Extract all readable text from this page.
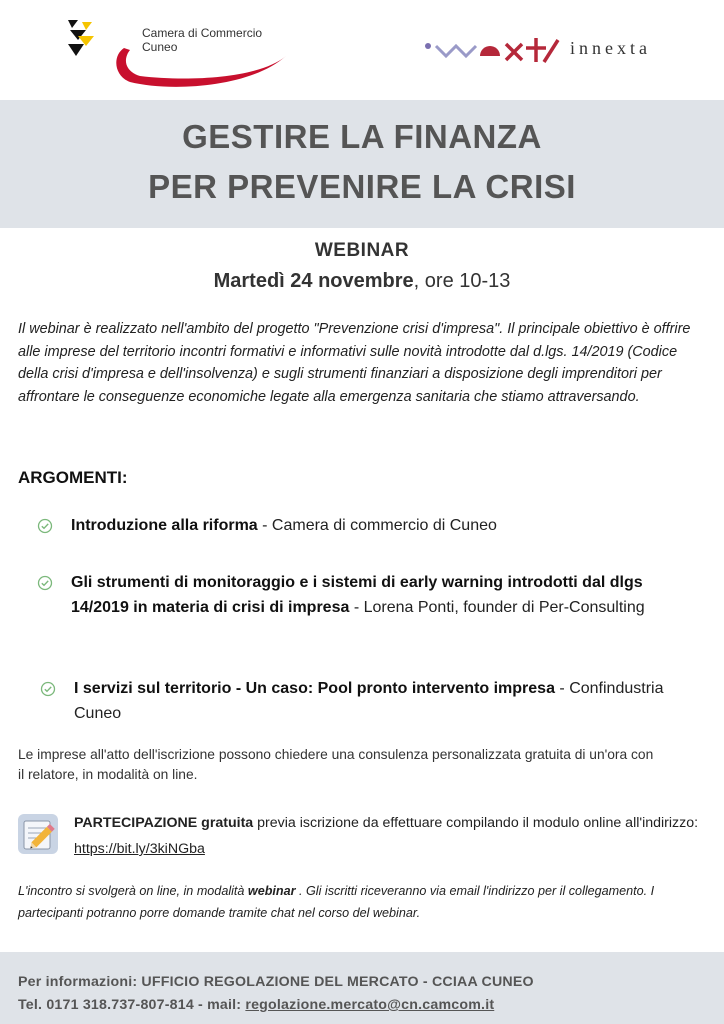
Camera di Commercio
Cuneo	innexta
GESTIRE LA FINANZA
PER PREVENIRE LA CRISI
WEBINAR
Martedì 24 novembre, ore 10-13
Il webinar è realizzato nell'ambito del progetto "Prevenzione crisi d'impresa". Il principale obiettivo è offrire alle imprese del territorio incontri formativi e informativi sulle novità introdotte dal d.lgs. 14/2019 (Codice della crisi d'impresa e dell'insolvenza) e sugli strumenti finanziari a disposizione degli imprenditori per affrontare le conseguenze economiche legate alla emergenza sanitaria che stiamo attraversando.
ARGOMENTI:
Introduzione alla riforma - Camera di commercio di Cuneo
Gli strumenti di monitoraggio e i sistemi di early warning introdotti dal dlgs 14/2019 in materia di crisi di impresa - Lorena Ponti, founder di Per-Consulting
I servizi sul territorio - Un caso: Pool pronto intervento impresa - Confindustria Cuneo
Le imprese all'atto dell'iscrizione possono chiedere una consulenza personalizzata gratuita di un'ora con il relatore, in modalità on line.
PARTECIPAZIONE gratuita previa iscrizione da effettuare compilando il modulo online all'indirizzo: https://bit.ly/3kiNGba
L'incontro si svolgerà on line, in modalità webinar . Gli iscritti riceveranno via email l'indirizzo per il collegamento. I partecipanti potranno porre domande tramite chat nel corso del webinar.
Per informazioni: UFFICIO REGOLAZIONE DEL MERCATO - CCIAA CUNEO
Tel. 0171 318.737-807-814 - mail: regolazione.mercato@cn.camcom.it
